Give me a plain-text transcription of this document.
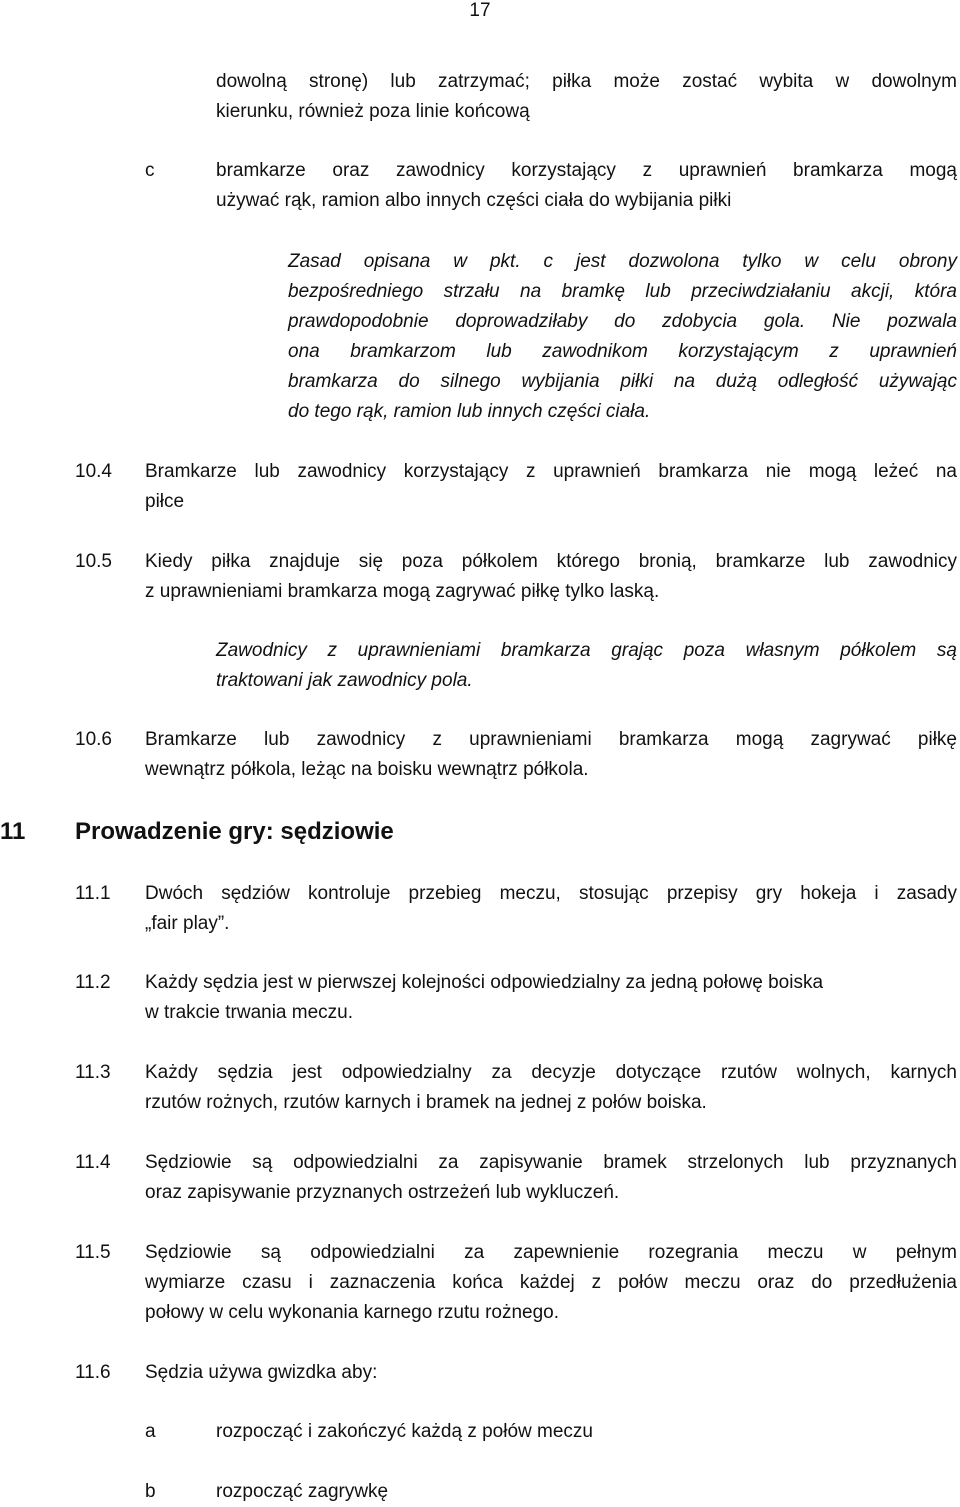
17
dowolną stronę) lub zatrzymać; piłka może zostać wybita w dowolnym
kierunku, również poza linie końcową
c	bramkarze oraz zawodnicy korzystający z uprawnień bramkarza mogą
używać rąk, ramion albo innych części ciała do wybijania piłki
Zasad opisana w pkt. c jest dozwolona tylko w celu obrony
bezpośredniego strzału na bramkę lub przeciwdziałaniu akcji, która
prawdopodobnie doprowadziłaby do zdobycia gola. Nie pozwala
ona bramkarzom lub zawodnikom korzystającym z uprawnień
bramkarza do silnego wybijania piłki na dużą odległość używając
do tego rąk, ramion lub innych części ciała.
10.4 Bramkarze lub zawodnicy korzystający z uprawnień bramkarza nie mogą leżeć na
piłce
10.5 Kiedy piłka znajduje się poza półkolem którego bronią, bramkarze lub zawodnicy
z uprawnieniami bramkarza mogą zagrywać piłkę tylko laską.
Zawodnicy z uprawnieniami bramkarza grając poza własnym półkolem są
traktowani jak zawodnicy pola.
10.6 Bramkarze lub zawodnicy z uprawnieniami bramkarza mogą zagrywać piłkę
wewnątrz półkola, leżąc na boisku wewnątrz półkola.
11 Prowadzenie gry: sędziowie
11.1 Dwóch sędziów kontroluje przebieg meczu, stosując przepisy gry hokeja i zasady
„fair play”.
11.2 Każdy sędzia jest w pierwszej kolejności odpowiedzialny za jedną połowę boiska
w trakcie trwania meczu.
11.3 Każdy sędzia jest odpowiedzialny za decyzje dotyczące rzutów wolnych, karnych
rzutów rożnych, rzutów karnych i bramek na jednej z połów boiska.
11.4 Sędziowie są odpowiedzialni za zapisywanie bramek strzelonych lub przyznanych
oraz zapisywanie przyznanych ostrzeżeń lub wykluczeń.
11.5 Sędziowie są odpowiedzialni za zapewnienie rozegrania meczu w pełnym
wymiarze czasu i zaznaczenia końca każdej z połów meczu oraz do przedłużenia
połowy w celu wykonania karnego rzutu rożnego.
11.6 Sędzia używa gwizdka aby:
a	rozpocząć i zakończyć każdą z połów meczu
b	rozpocząć zagrywkę
